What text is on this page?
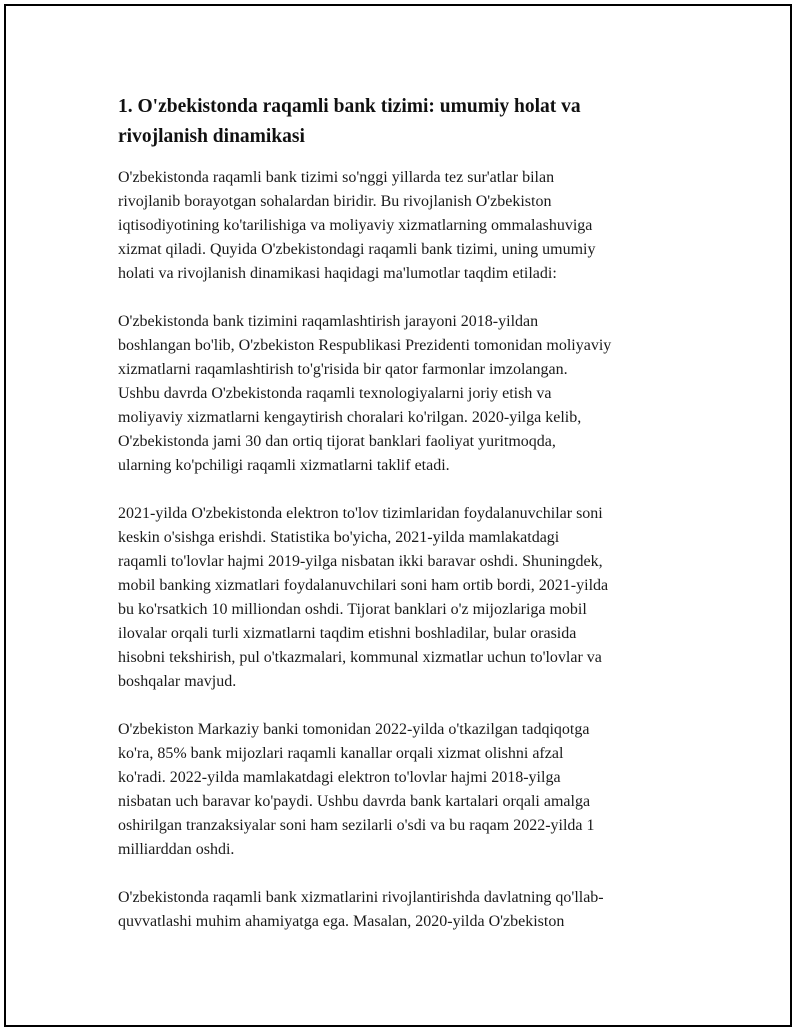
1. O'zbekistonda raqamli bank tizimi: umumiy holat va
rivojlanish dinamikasi

O'zbekistonda raqamli bank tizimi so'nggi yillarda tez sur'atlar bilan
rivojlanib borayotgan sohalardan biridir. Bu rivojlanish O'zbekiston
iqtisodiyotining ko'tarilishiga va moliyaviy xizmatlarning ommalashuviga
xizmat qiladi. Quyida O'zbekistondagi raqamli bank tizimi, uning umumiy
holati va rivojlanish dinamikasi haqidagi ma'lumotlar taqdim etiladi:

O'zbekistonda bank tizimini raqamlashtirish jarayoni 2018-yildan
boshlangan bo'lib, O'zbekiston Respublikasi Prezidenti tomonidan moliyaviy
xizmatlarni raqamlashtirish to'g'risida bir qator farmonlar imzolangan.
Ushbu davrda O'zbekistonda raqamli texnologiyalarni joriy etish va
moliyaviy xizmatlarni kengaytirish choralari ko'rilgan. 2020-yilga kelib,
O'zbekistonda jami 30 dan ortiq tijorat banklari faoliyat yuritmoqda,
ularning ko'pchiligi raqamli xizmatlarni taklif etadi.

2021-yilda O'zbekistonda elektron to'lov tizimlaridan foydalanuvchilar soni
keskin o'sishga erishdi. Statistika bo'yicha, 2021-yilda mamlakatdagi
raqamli to'lovlar hajmi 2019-yilga nisbatan ikki baravar oshdi. Shuningdek,
mobil banking xizmatlari foydalanuvchilari soni ham ortib bordi, 2021-yilda
bu ko'rsatkich 10 milliondan oshdi. Tijorat banklari o'z mijozlariga mobil
ilovalar orqali turli xizmatlarni taqdim etishni boshladilar, bular orasida
hisobni tekshirish, pul o'tkazmalari, kommunal xizmatlar uchun to'lovlar va
boshqalar mavjud.

O'zbekiston Markaziy banki tomonidan 2022-yilda o'tkazilgan tadqiqotga
ko'ra, 85% bank mijozlari raqamli kanallar orqali xizmat olishni afzal
ko'radi. 2022-yilda mamlakatdagi elektron to'lovlar hajmi 2018-yilga
nisbatan uch baravar ko'paydi. Ushbu davrda bank kartalari orqali amalga
oshirilgan tranzaksiyalar soni ham sezilarli o'sdi va bu raqam 2022-yilda 1
milliarddan oshdi.

O'zbekistonda raqamli bank xizmatlarini rivojlantirishda davlatning qo'llab-
quvvatlashi muhim ahamiyatga ega. Masalan, 2020-yilda O'zbekiston
